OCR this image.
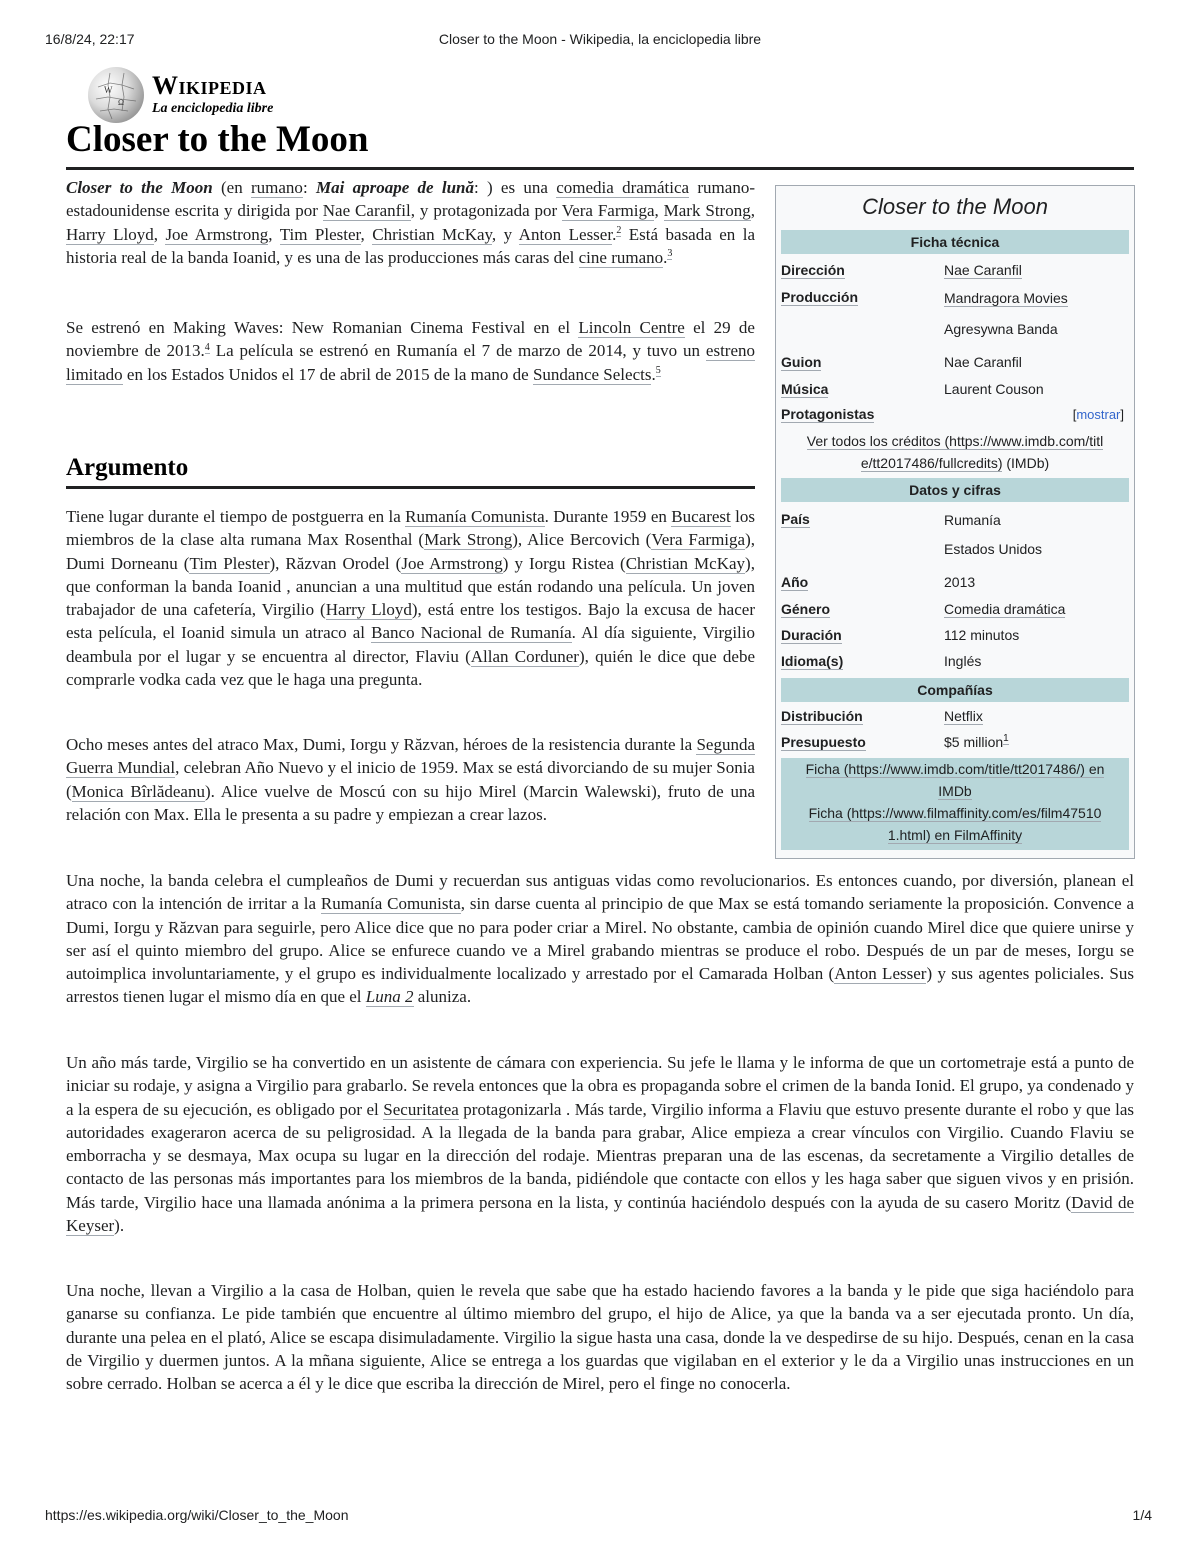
16/8/24, 22:17	Closer to the Moon - Wikipedia, la enciclopedia libre
https://es.wikipedia.org/wiki/Closer_to_the_Moon	1/4
W
Ω
Wikipedia
La enciclopedia libre
Closer to the Moon

Closer to the Moon (en rumano: Mai aproape de lună: ) es una comedia dramática rumano-estadounidense escrita y dirigida por Nae Caranfil, y protagonizada por Vera Farmiga, Mark Strong, Harry Lloyd, Joe Armstrong, Tim Plester, Christian McKay, y Anton Lesser.$^2$ Está basada en la historia real de la banda Ioanid, y es una de las producciones más caras del cine rumano.$^3$

Se estrenó en Making Waves: New Romanian Cinema Festival en el Lincoln Centre el 29 de noviembre de 2013.$^4$ La película se estrenó en Rumanía el 7 de marzo de 2014, y tuvo un estreno limitado en los Estados Unidos el 17 de abril de 2015 de la mano de Sundance Selects.$^5$

Argumento

Tiene lugar durante el tiempo de postguerra en la Rumanía Comunista. Durante 1959 en Bucarest los miembros de la clase alta rumana Max Rosenthal (Mark Strong), Alice Bercovich (Vera Farmiga), Dumi Dorneanu (Tim Plester), Răzvan Orodel (Joe Armstrong) y Iorgu Ristea (Christian McKay), que conforman la banda Ioanid , anuncian a una multitud que están rodando una película. Un joven trabajador de una cafetería, Virgilio (Harry Lloyd), está entre los testigos. Bajo la excusa de hacer esta película, el Ioanid simula un atraco al Banco Nacional de Rumanía. Al día siguiente, Virgilio deambula por el lugar y se encuentra al director, Flaviu (Allan Corduner), quién le dice que debe comprarle vodka cada vez que le haga una pregunta.

Ocho meses antes del atraco Max, Dumi, Iorgu y Răzvan, héroes de la resistencia durante la Segunda Guerra Mundial, celebran Año Nuevo y el inicio de 1959. Max se está divorciando de su mujer Sonia (Monica Bîrlădeanu). Alice vuelve de Moscú con su hijo Mirel (Marcin Walewski), fruto de una relación con Max. Ella le presenta a su padre y empiezan a crear lazos.

Una noche, la banda celebra el cumpleaños de Dumi y recuerdan sus antiguas vidas como revolucionarios. Es entonces cuando, por diversión, planean el atraco con la intención de irritar a la Rumanía Comunista, sin darse cuenta al principio de que Max se está tomando seriamente la proposición. Convence a Dumi, Iorgu y Răzvan para seguirle, pero Alice dice que no para poder criar a Mirel. No obstante, cambia de opinión cuando Mirel dice que quiere unirse y ser así el quinto miembro del grupo. Alice se enfurece cuando ve a Mirel grabando mientras se produce el robo. Después de un par de meses, Iorgu se autoimplica involuntariamente, y el grupo es individualmente localizado y arrestado por el Camarada Holban (Anton Lesser) y sus agentes policiales. Sus arrestos tienen lugar el mismo día en que el Luna 2 aluniza.

Un año más tarde, Virgilio se ha convertido en un asistente de cámara con experiencia. Su jefe le llama y le informa de que un cortometraje está a punto de iniciar su rodaje, y asigna a Virgilio para grabarlo. Se revela entonces que la obra es propaganda sobre el crimen de la banda Ionid. El grupo, ya condenado y a la espera de su ejecución, es obligado por el Securitatea protagonizarla . Más tarde, Virgilio informa a Flaviu que estuvo presente durante el robo y que las autoridades exageraron acerca de su peligrosidad. A la llegada de la banda para grabar, Alice empieza a crear vínculos con Virgilio. Cuando Flaviu se emborracha y se desmaya, Max ocupa su lugar en la dirección del rodaje. Mientras preparan una de las escenas, da secretamente a Virgilio detalles de contacto de las personas más importantes para los miembros de la banda, pidiéndole que contacte con ellos y les haga saber que siguen vivos y en prisión. Más tarde, Virgilio hace una llamada anónima a la primera persona en la lista, y continúa haciéndolo después con la ayuda de su casero Moritz (David de Keyser).

Una noche, llevan a Virgilio a la casa de Holban, quien le revela que sabe que ha estado haciendo favores a la banda y le pide que siga haciéndolo para ganarse su confianza. Le pide también que encuentre al último miembro del grupo, el hijo de Alice, ya que la banda va a ser ejecutada pronto. Un día, durante una pelea en el plató, Alice se escapa disimuladamente. Virgilio la sigue hasta una casa, donde la ve despedirse de su hijo. Después, cenan en la casa de Virgilio y duermen juntos. A la mñana siguiente, Alice se entrega a los guardas que vigilaban en el exterior y le da a Virgilio unas instrucciones en un sobre cerrado. Holban se acerca a él y le dice que escriba la dirección de Mirel, pero el finge no conocerla.

Closer to the Moon
Ficha técnica
Dirección	Nae Caranfil
Producción	Mandragora Movies
Agresywna Banda
Guion	Nae Caranfil
Música	Laurent Couson
Protagonistas	[mostrar]
Ver todos los créditos (https://www.imdb.com/titl
e/tt2017486/fullcredits) (IMDb)
Datos y cifras
País	Rumanía
Estados Unidos
Año	2013
Género	Comedia dramática
Duración	112 minutos
Idioma(s)	Inglés
Compañías
Distribución	Netflix
Presupuesto	$5 million$^1$
Ficha (https://www.imdb.com/title/tt2017486/) en
IMDb
Ficha (https://www.filmaffinity.com/es/film47510
1.html) en FilmAffinity
